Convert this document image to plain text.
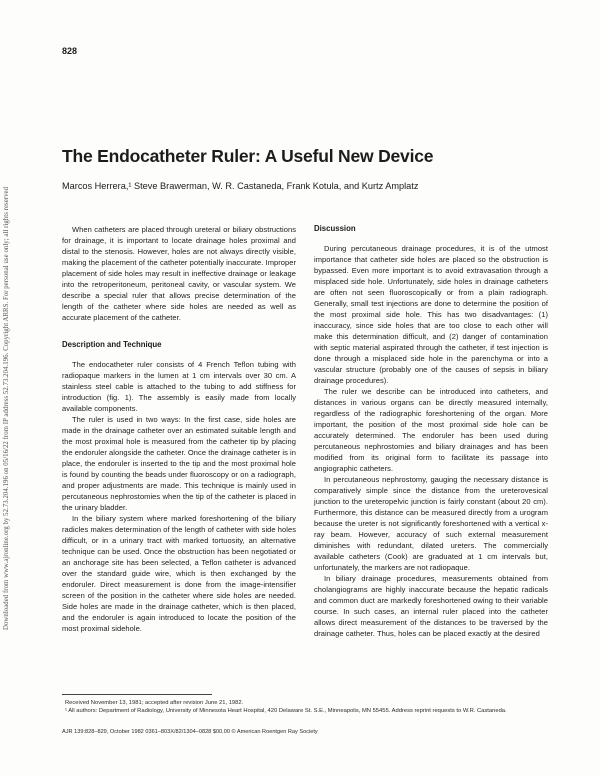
Downloaded from www.ajronline.org by 52.73.204.196 on 05/16/22 from IP address 52.73.204.196. Copyright ARRS. For personal use only; all rights reserved
828
The Endocatheter Ruler: A Useful New Device
Marcos Herrera,¹ Steve Brawerman, W. R. Castaneda, Frank Kotula, and Kurtz Amplatz

When catheters are placed through ureteral or biliary obstructions for drainage, it is important to locate drainage holes proximal and distal to the stenosis. However, holes are not always directly visible, making the placement of the catheter potentially inaccurate. Improper placement of side holes may result in ineffective drainage or leakage into the retroperitoneum, peritoneal cavity, or vascular system. We describe a special ruler that allows precise determination of the length of the catheter where side holes are needed as well as accurate placement of the catheter.

Description and Technique

The endocatheter ruler consists of 4 French Teflon tubing with radiopaque markers in the lumen at 1 cm intervals over 30 cm. A stainless steel cable is attached to the tubing to add stiffness for introduction (fig. 1). The assembly is easily made from locally available components.

The ruler is used in two ways: In the first case, side holes are made in the drainage catheter over an estimated suitable length and the most proximal hole is measured from the catheter tip by placing the endoruler alongside the catheter. Once the drainage catheter is in place, the endoruler is inserted to the tip and the most proximal hole is found by counting the beads under fluoroscopy or on a radiograph, and proper adjustments are made. This technique is mainly used in percutaneous nephrostomies when the tip of the catheter is placed in the urinary bladder.

In the biliary system where marked foreshortening of the biliary radicles makes determination of the length of catheter with side holes difficult, or in a urinary tract with marked tortuosity, an alternative technique can be used. Once the obstruction has been negotiated or an anchorage site has been selected, a Teflon catheter is advanced over the standard guide wire, which is then exchanged by the endoruler. Direct measurement is done from the image-intensifier screen of the position in the catheter where side holes are needed. Side holes are made in the drainage catheter, which is then placed, and the endoruler is again introduced to locate the position of the most proximal sidehole.

Discussion

During percutaneous drainage procedures, it is of the utmost importance that catheter side holes are placed so the obstruction is bypassed. Even more important is to avoid extravasation through a misplaced side hole. Unfortunately, side holes in drainage catheters are often not seen fluoroscopically or from a plain radiograph. Generally, small test injections are done to determine the position of the most proximal side hole. This has two disadvantages: (1) inaccuracy, since side holes that are too close to each other will make this determination difficult, and (2) danger of contamination with septic material aspirated through the catheter, if test injection is done through a misplaced side hole in the parenchyma or into a vascular structure (probably one of the causes of sepsis in biliary drainage procedures).

The ruler we describe can be introduced into catheters, and distances in various organs can be directly measured internally, regardless of the radiographic foreshortening of the organ. More important, the position of the most proximal side hole can be accurately determined. The endoruler has been used during percutaneous nephrostomies and biliary drainages and has been modified from its original form to facilitate its passage into angiographic catheters.

In percutaneous nephrostomy, gauging the necessary distance is comparatively simple since the distance from the ureterovesical junction to the ureteropelvic junction is fairly constant (about 20 cm). Furthermore, this distance can be measured directly from a urogram because the ureter is not significantly foreshortened with a vertical x-ray beam. However, accuracy of such external measurement diminishes with redundant, dilated ureters. The commercially available catheters (Cook) are graduated at 1 cm intervals but, unfortunately, the markers are not radiopaque.

In biliary drainage procedures, measurements obtained from cholangiograms are highly inaccurate because the hepatic radicals and common duct are markedly foreshortened owing to their variable course. In such cases, an internal ruler placed into the catheter allows direct measurement of the distances to be traversed by the drainage catheter. Thus, holes can be placed exactly at the desired

Received November 13, 1981; accepted after revision June 21, 1982.
¹ All authors: Department of Radiology, University of Minnesota Heart Hospital, 420 Delaware St. S.E., Minneapolis, MN 55455. Address reprint requests to W.R. Castaneda.
AJR 139:828–829, October 1982 0361–803X/82/1304–0828 $00.00 © American Roentgen Ray Society
